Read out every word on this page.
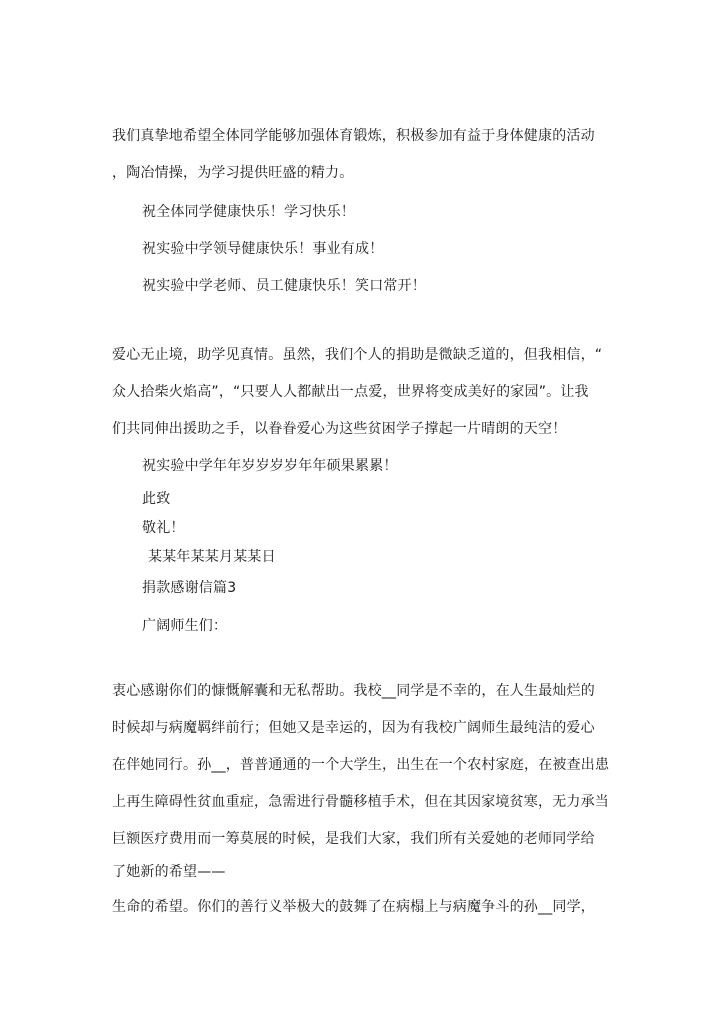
我们真挚地希望全体同学能够加强体育锻炼，积极参加有益于身体健康的活动
，陶冶情操，为学习提供旺盛的精力。
祝全体同学健康快乐！学习快乐！
祝实验中学领导健康快乐！事业有成！
祝实验中学老师、员工健康快乐！笑口常开！
爱心无止境，助学见真情。虽然，我们个人的捐助是微缺乏道的，但我相信，“
众人拾柴火焰高”，“只要人人都献出一点爱，世界将变成美好的家园”。让我
们共同伸出援助之手，以眷眷爱心为这些贫困学子撑起一片晴朗的天空！
祝实验中学年年岁岁岁岁年年硕果累累！
此致
敬礼！
某某年某某月某某日
捐款感谢信篇3
广阔师生们：
衷心感谢你们的慷慨解囊和无私帮助。我校__同学是不幸的，在人生最灿烂的
时候却与病魔羁绊前行；但她又是幸运的，因为有我校广阔师生最纯洁的爱心
在伴她同行。孙__，普普通通的一个大学生，出生在一个农村家庭，在被查出患
上再生障碍性贫血重症，急需进行骨髓移植手术，但在其因家境贫寒，无力承当
巨额医疗费用而一筹莫展的时候，是我们大家，我们所有关爱她的老师同学给
了她新的希望——
生命的希望。你们的善行义举极大的鼓舞了在病榻上与病魔争斗的孙__同学，
